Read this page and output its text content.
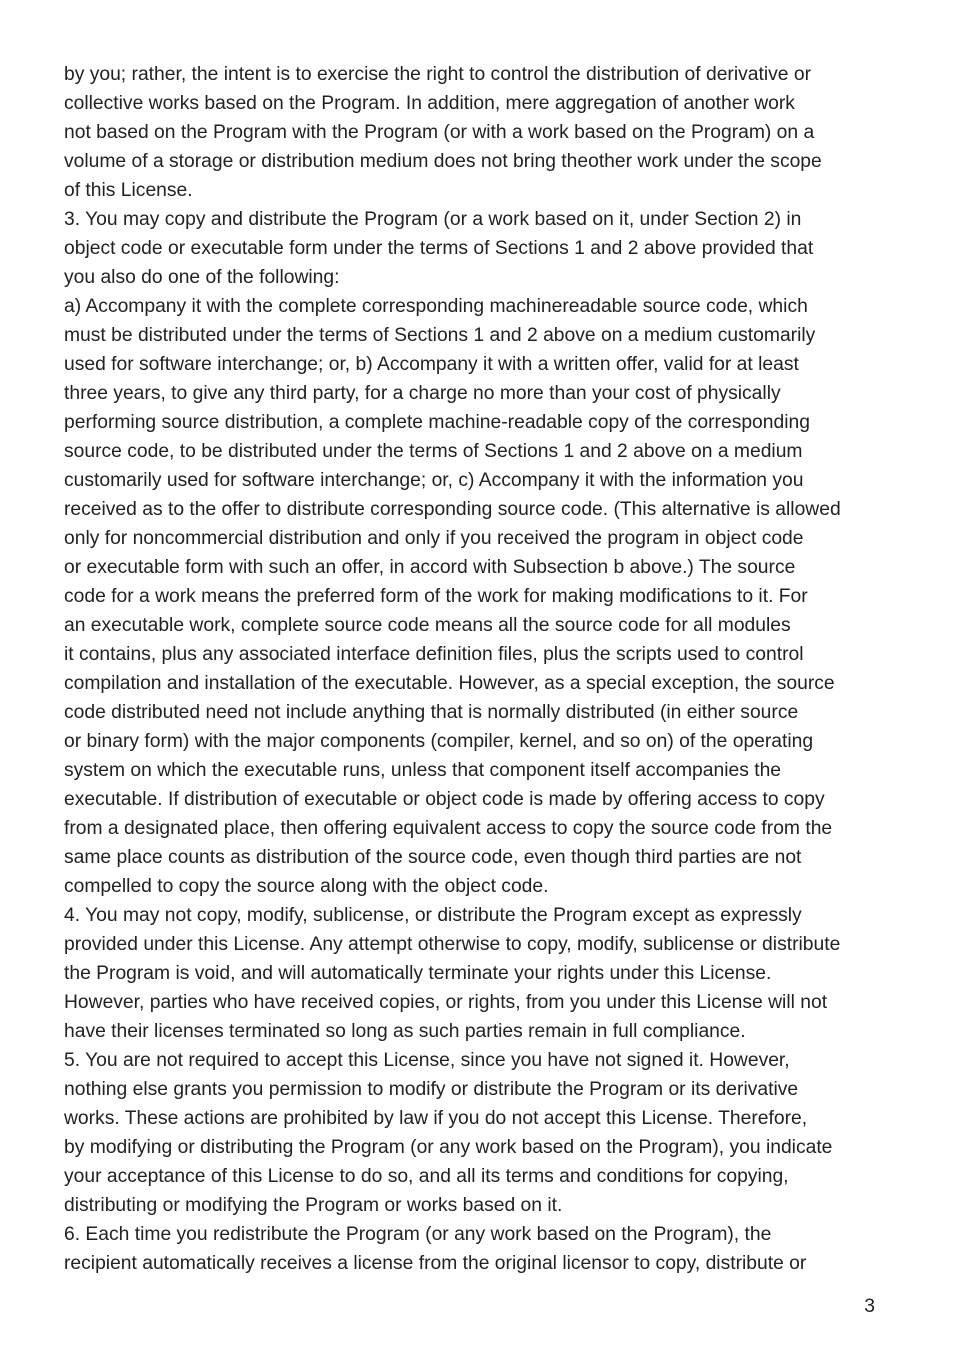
by you; rather, the intent is to exercise the right to control the distribution of derivative or
collective works based on the Program. In addition, mere aggregation of another work
not based on the Program with the Program (or with a work based on the Program) on a
volume of a storage or distribution medium does not bring theother work under the scope
of this License.
3. You may copy and distribute the Program (or a work based on it, under Section 2) in
object code or executable form under the terms of Sections 1 and 2 above provided that
you also do one of the following:
a) Accompany it with the complete corresponding machinereadable source code, which
must be distributed under the terms of Sections 1 and 2 above on a medium customarily
used for software interchange; or, b) Accompany it with a written offer, valid for at least
three years, to give any third party, for a charge no more than your cost of physically
performing source distribution, a complete machine-readable copy of the corresponding
source code, to be distributed under the terms of Sections 1 and 2 above on a medium
customarily used for software interchange; or, c) Accompany it with the information you
received as to the offer to distribute corresponding source code. (This alternative is allowed
only for noncommercial distribution and only if you received the program in object code
or executable form with such an offer, in accord with Subsection b above.) The source
code for a work means the preferred form of the work for making modifications to it. For
an executable work, complete source code means all the source code for all modules
it contains, plus any associated interface definition files, plus the scripts used to control
compilation and installation of the executable. However, as a special exception, the source
code distributed need not include anything that is normally distributed (in either source
or binary form) with the major components (compiler, kernel, and so on) of the operating
system on which the executable runs, unless that component itself accompanies the
executable. If distribution of executable or object code is made by offering access to copy
from a designated place, then offering equivalent access to copy the source code from the
same place counts as distribution of the source code, even though third parties are not
compelled to copy the source along with the object code.
4. You may not copy, modify, sublicense, or distribute the Program except as expressly
provided under this License. Any attempt otherwise to copy, modify, sublicense or distribute
the Program is void, and will automatically terminate your rights under this License.
However, parties who have received copies, or rights, from you under this License will not
have their licenses terminated so long as such parties remain in full compliance.
5. You are not required to accept this License, since you have not signed it. However,
nothing else grants you permission to modify or distribute the Program or its derivative
works. These actions are prohibited by law if you do not accept this License. Therefore,
by modifying or distributing the Program (or any work based on the Program), you indicate
your acceptance of this License to do so, and all its terms and conditions for copying,
distributing or modifying the Program or works based on it.
6. Each time you redistribute the Program (or any work based on the Program), the
recipient automatically receives a license from the original licensor to copy, distribute or
3
